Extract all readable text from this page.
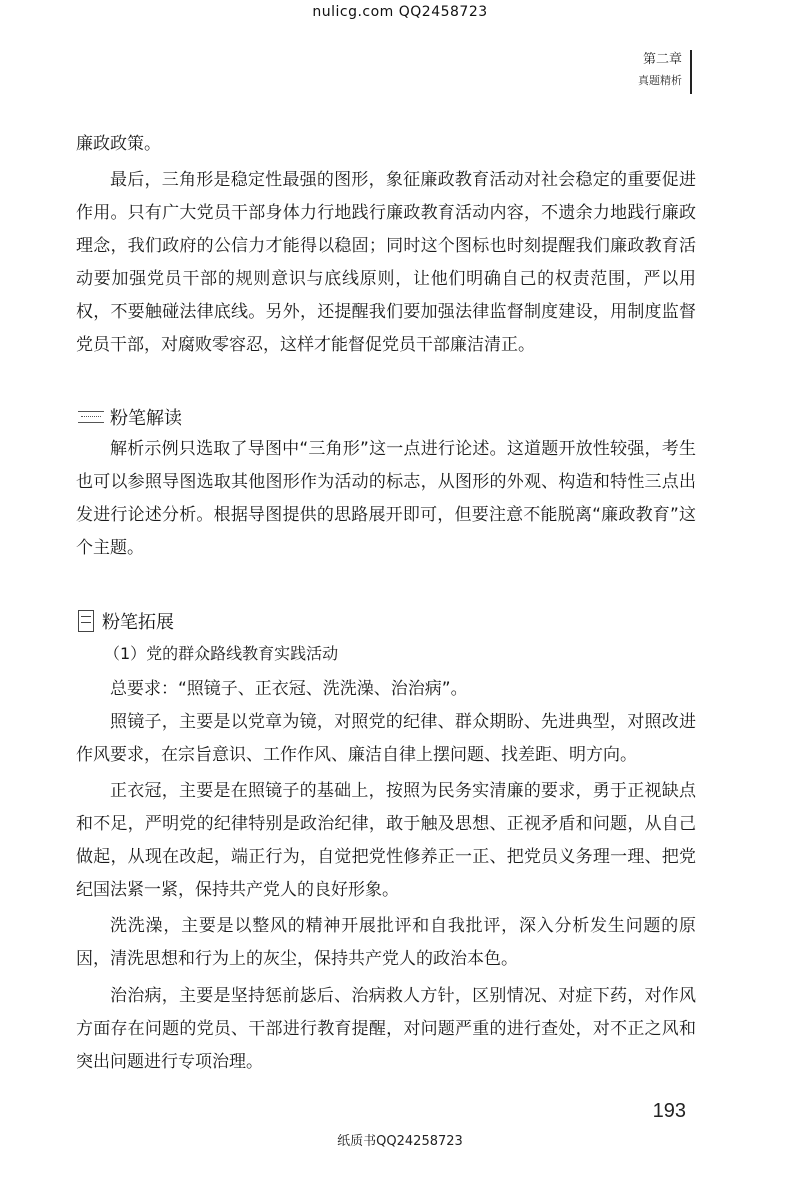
nulicg.com QQ2458723
第二章
真题精析

廉政政策。

最后，三角形是稳定性最强的图形，象征廉政教育活动对社会稳定的重要促进作用。只有广大党员干部身体力行地践行廉政教育活动内容，不遗余力地践行廉政理念，我们政府的公信力才能得以稳固；同时这个图标也时刻提醒我们廉政教育活动要加强党员干部的规则意识与底线原则，让他们明确自己的权责范围，严以用权，不要触碰法律底线。另外，还提醒我们要加强法律监督制度建设，用制度监督党员干部，对腐败零容忍，这样才能督促党员干部廉洁清正。

粉笔解读

解析示例只选取了导图中“三角形”这一点进行论述。这道题开放性较强，考生也可以参照导图选取其他图形作为活动的标志，从图形的外观、构造和特性三点出发进行论述分析。根据导图提供的思路展开即可，但要注意不能脱离“廉政教育”这个主题。

粉笔拓展

（1）党的群众路线教育实践活动

总要求：“照镜子、正衣冠、洗洗澡、治治病”。

照镜子，主要是以党章为镜，对照党的纪律、群众期盼、先进典型，对照改进作风要求，在宗旨意识、工作作风、廉洁自律上摆问题、找差距、明方向。

正衣冠，主要是在照镜子的基础上，按照为民务实清廉的要求，勇于正视缺点和不足，严明党的纪律特别是政治纪律，敢于触及思想、正视矛盾和问题，从自己做起，从现在改起，端正行为，自觉把党性修养正一正、把党员义务理一理、把党纪国法紧一紧，保持共产党人的良好形象。

洗洗澡，主要是以整风的精神开展批评和自我批评，深入分析发生问题的原因，清洗思想和行为上的灰尘，保持共产党人的政治本色。

治治病，主要是坚持惩前毖后、治病救人方针，区别情况、对症下药，对作风方面存在问题的党员、干部进行教育提醒，对问题严重的进行查处，对不正之风和突出问题进行专项治理。

193
纸质书QQ24258723
